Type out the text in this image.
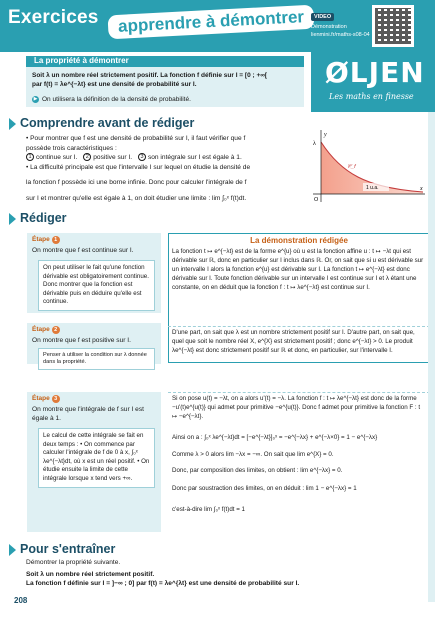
Exercices	apprendre à démontrer	VIDEO
Démonstration
lienmini.fr/maths-s08-04
ØLJEN
Les maths en finesse
La propriété à démontrer
Soit λ un nombre réel strictement positif. La fonction f définie sur I = [0 ; +∞[
par f(t) = λe^{−λt} est une densité de probabilité sur I.
▶ On utilisera la définition de la densité de probabilité.
Comprendre avant de rédiger
• Pour montrer que f est une densité de probabilité sur I, il faut vérifier que f
possède trois caractéristiques :
1 continue sur I. 2 positive sur I. 3 son intégrale sur I est égale à 1.
• La difficulté principale est que l'intervalle I sur lequel on étudie la densité de
la fonction f possède ici une borne infinie. Donc pour calculer l'intégrale de f
sur I et montrer qu'elle est égale à 1, on doit étudier une limite : lim ∫₀ˣ f(t)dt.
y
x
λ
O
𝒞_f
1 u.a.
Rédiger
Étape 1
On montre que f est continue sur I.
On peut utiliser le fait qu'une fonction dérivable est obligatoirement continue. Donc montrer que la fonction est dérivable puis en déduire qu'elle est continue.
Étape 2
On montre que f est positive sur I.
Penser à utiliser la condition sur λ donnée dans la propriété.
Étape 3
On montre que l'intégrale de f sur I est égale à 1.
Le calcul de cette intégrale se fait en deux temps : • On commence par calculer l'intégrale de f de 0 à x, ∫₀ˣ λe^{−λt}dt, où x est un réel positif. • On étudie ensuite la limite de cette intégrale lorsque x tend vers +∞.
La démonstration rédigée
La fonction t ↦ e^{−λt} est de la forme e^{u} où u est la fonction affine u : t ↦ −λt qui est dérivable sur ℝ, donc en particulier sur I inclus dans ℝ. Or, on sait que si u est dérivable sur un intervalle I alors la fonction e^{u} est dérivable sur I. La fonction t ↦ e^{−λt} est donc dérivable sur I. Toute fonction dérivable sur un intervalle I est continue sur I et λ étant une constante, on en déduit que la fonction f : t ↦ λe^{−λt} est continue sur I.
D'une part, on sait que λ est un nombre strictement positif sur I. D'autre part, on sait que, quel que soit le nombre réel X, e^{X} est strictement positif ; donc e^{−λt} > 0. Le produit λe^{−λt} est donc strictement positif sur ℝ et donc, en particulier, sur l'intervalle I.
Si on pose u(t) = −λt, on a alors u'(t) = −λ. La fonction f : t ↦ λe^{−λt} est donc de la forme −u'(t)e^{u(t)} qui admet pour primitive −e^{u(t)}. Donc f admet pour primitive la fonction F : t ↦ −e^{−λt}.
Ainsi on a : ∫₀ˣ λe^{−λt}dt = [−e^{−λt}]₀ˣ = −e^{−λx} + e^{−λ×0} = 1 − e^{−λx}
Comme λ > 0 alors lim −λx = −∞. On sait que lim e^{X} = 0.
Donc, par composition des limites, on obtient : lim e^{−λx} = 0.
Donc par soustraction des limites, on en déduit : lim 1 − e^{−λx} = 1
c'est-à-dire lim ∫₀ˣ f(t)dt = 1
Pour s'entraîner
Démontrer la propriété suivante.
Soit λ un nombre réel strictement positif.
La fonction f définie sur I = ]−∞ ; 0] par f(t) = λe^{λt} est une densité de probabilité sur I.
208
